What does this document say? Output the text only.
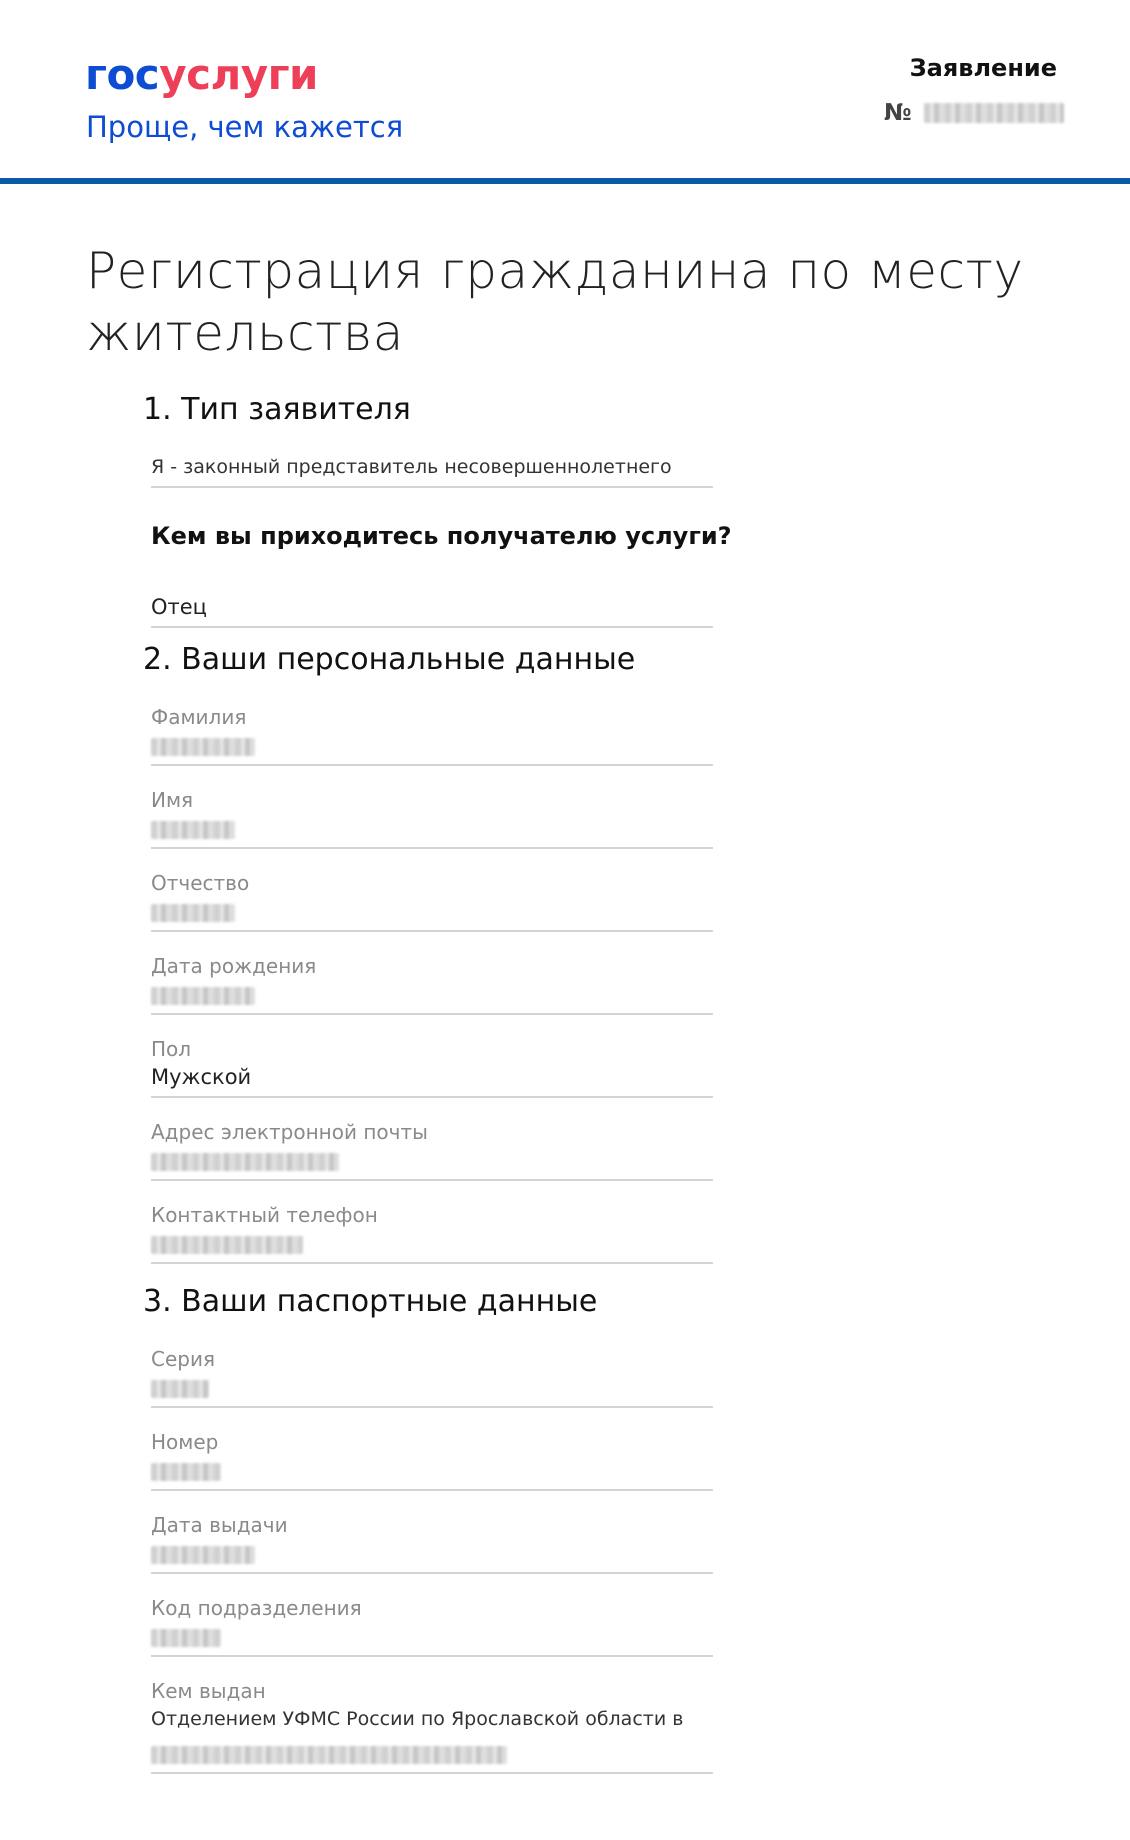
госуслуги
Проще, чем кажется
Заявление
№
Регистрация гражданина по месту жительства
1. Тип заявителя
Я - законный представитель несовершеннолетнего
Кем вы приходитесь получателю услуги?
Отец
2. Ваши персональные данные
Фамилия
Имя
Отчество
Дата рождения
Пол
Мужской
Адрес электронной почты
Контактный телефон
3. Ваши паспортные данные
Серия
Номер
Дата выдачи
Код подразделения
Кем выдан
Отделением УФМС России по Ярославской области в
